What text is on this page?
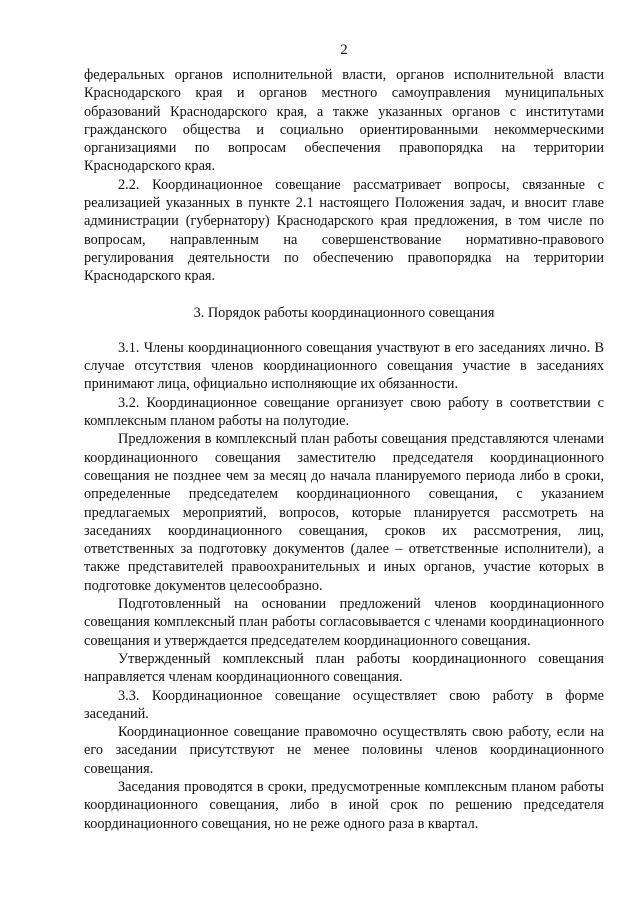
2

федеральных органов исполнительной власти, органов исполнительной власти Краснодарского края и органов местного самоуправления муниципальных образований Краснодарского края, а также указанных органов с институтами гражданского общества и социально ориентированными некоммерческими организациями по вопросам обеспечения правопорядка на территории Краснодарского края.

2.2. Координационное совещание рассматривает вопросы, связанные с реализацией указанных в пункте 2.1 настоящего Положения задач, и вносит главе администрации (губернатору) Краснодарского края предложения, в том числе по вопросам, направленным на совершенствование нормативно-правового регулирования деятельности по обеспечению правопорядка на территории Краснодарского края.

3. Порядок работы координационного совещания

3.1. Члены координационного совещания участвуют в его заседаниях лично. В случае отсутствия членов координационного совещания участие в заседаниях принимают лица, официально исполняющие их обязанности.

3.2. Координационное совещание организует свою работу в соответствии с комплексным планом работы на полугодие.

Предложения в комплексный план работы совещания представляются членами координационного совещания заместителю председателя координационного совещания не позднее чем за месяц до начала планируемого периода либо в сроки, определенные председателем координационного совещания, с указанием предлагаемых мероприятий, вопросов, которые планируется рассмотреть на заседаниях координационного совещания, сроков их рассмотрения, лиц, ответственных за подготовку документов (далее – ответственные исполнители), а также представителей правоохранительных и иных органов, участие которых в подготовке документов целесообразно.

Подготовленный на основании предложений членов координационного совещания комплексный план работы согласовывается с членами координационного совещания и утверждается председателем координационного совещания.

Утвержденный комплексный план работы координационного совещания направляется членам координационного совещания.

3.3. Координационное совещание осуществляет свою работу в форме заседаний.

Координационное совещание правомочно осуществлять свою работу, если на его заседании присутствуют не менее половины членов координационного совещания.

Заседания проводятся в сроки, предусмотренные комплексным планом работы координационного совещания, либо в иной срок по решению председателя координационного совещания, но не реже одного раза в квартал.
